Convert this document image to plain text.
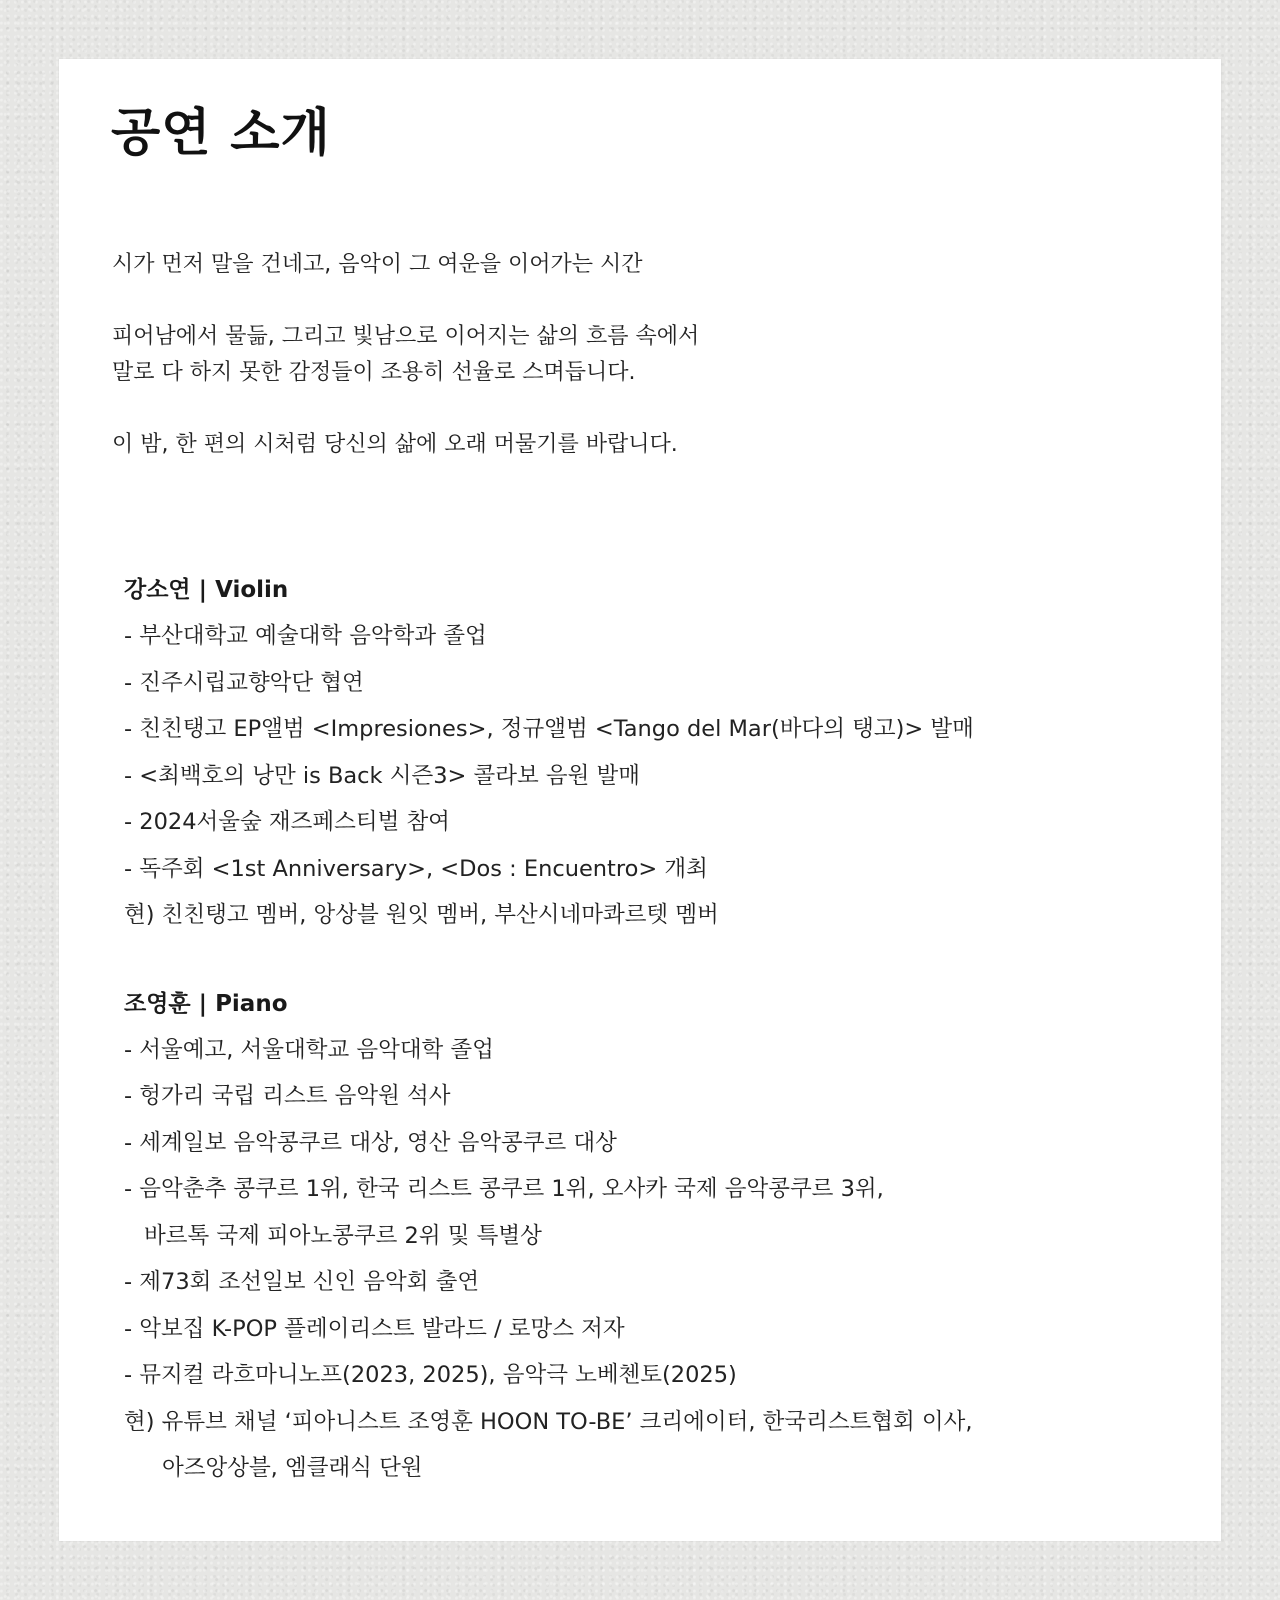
공연 소개

시가 먼저 말을 건네고, 음악이 그 여운을 이어가는 시간

피어남에서 물듦, 그리고 빛남으로 이어지는 삶의 흐름 속에서

말로 다 하지 못한 감정들이 조용히 선율로 스며듭니다.

이 밤, 한 편의 시처럼 당신의 삶에 오래 머물기를 바랍니다.

강소연 | Violin
- 부산대학교 예술대학 음악학과 졸업
- 진주시립교향악단 협연
- 친친탱고 EP앨범 <Impresiones>, 정규앨범 <Tango del Mar(바다의 탱고)> 발매
- <최백호의 낭만 is Back 시즌3> 콜라보 음원 발매
- 2024서울숲 재즈페스티벌 참여
- 독주회 <1st Anniversary>, <Dos : Encuentro> 개최
현) 친친탱고 멤버, 앙상블 원잇 멤버, 부산시네마콰르텟 멤버
조영훈 | Piano
- 서울예고, 서울대학교 음악대학 졸업
- 헝가리 국립 리스트 음악원 석사
- 세계일보 음악콩쿠르 대상, 영산 음악콩쿠르 대상
- 음악춘추 콩쿠르 1위, 한국 리스트 콩쿠르 1위, 오사카 국제 음악콩쿠르 3위,
바르톡 국제 피아노콩쿠르 2위 및 특별상
- 제73회 조선일보 신인 음악회 출연
- 악보집 K-POP 플레이리스트 발라드 / 로망스 저자
- 뮤지컬 라흐마니노프(2023, 2025), 음악극 노베첸토(2025)
현) 유튜브 채널 ‘피아니스트 조영훈 HOON TO-BE’ 크리에이터, 한국리스트협회 이사,
아즈앙상블, 엠클래식 단원
